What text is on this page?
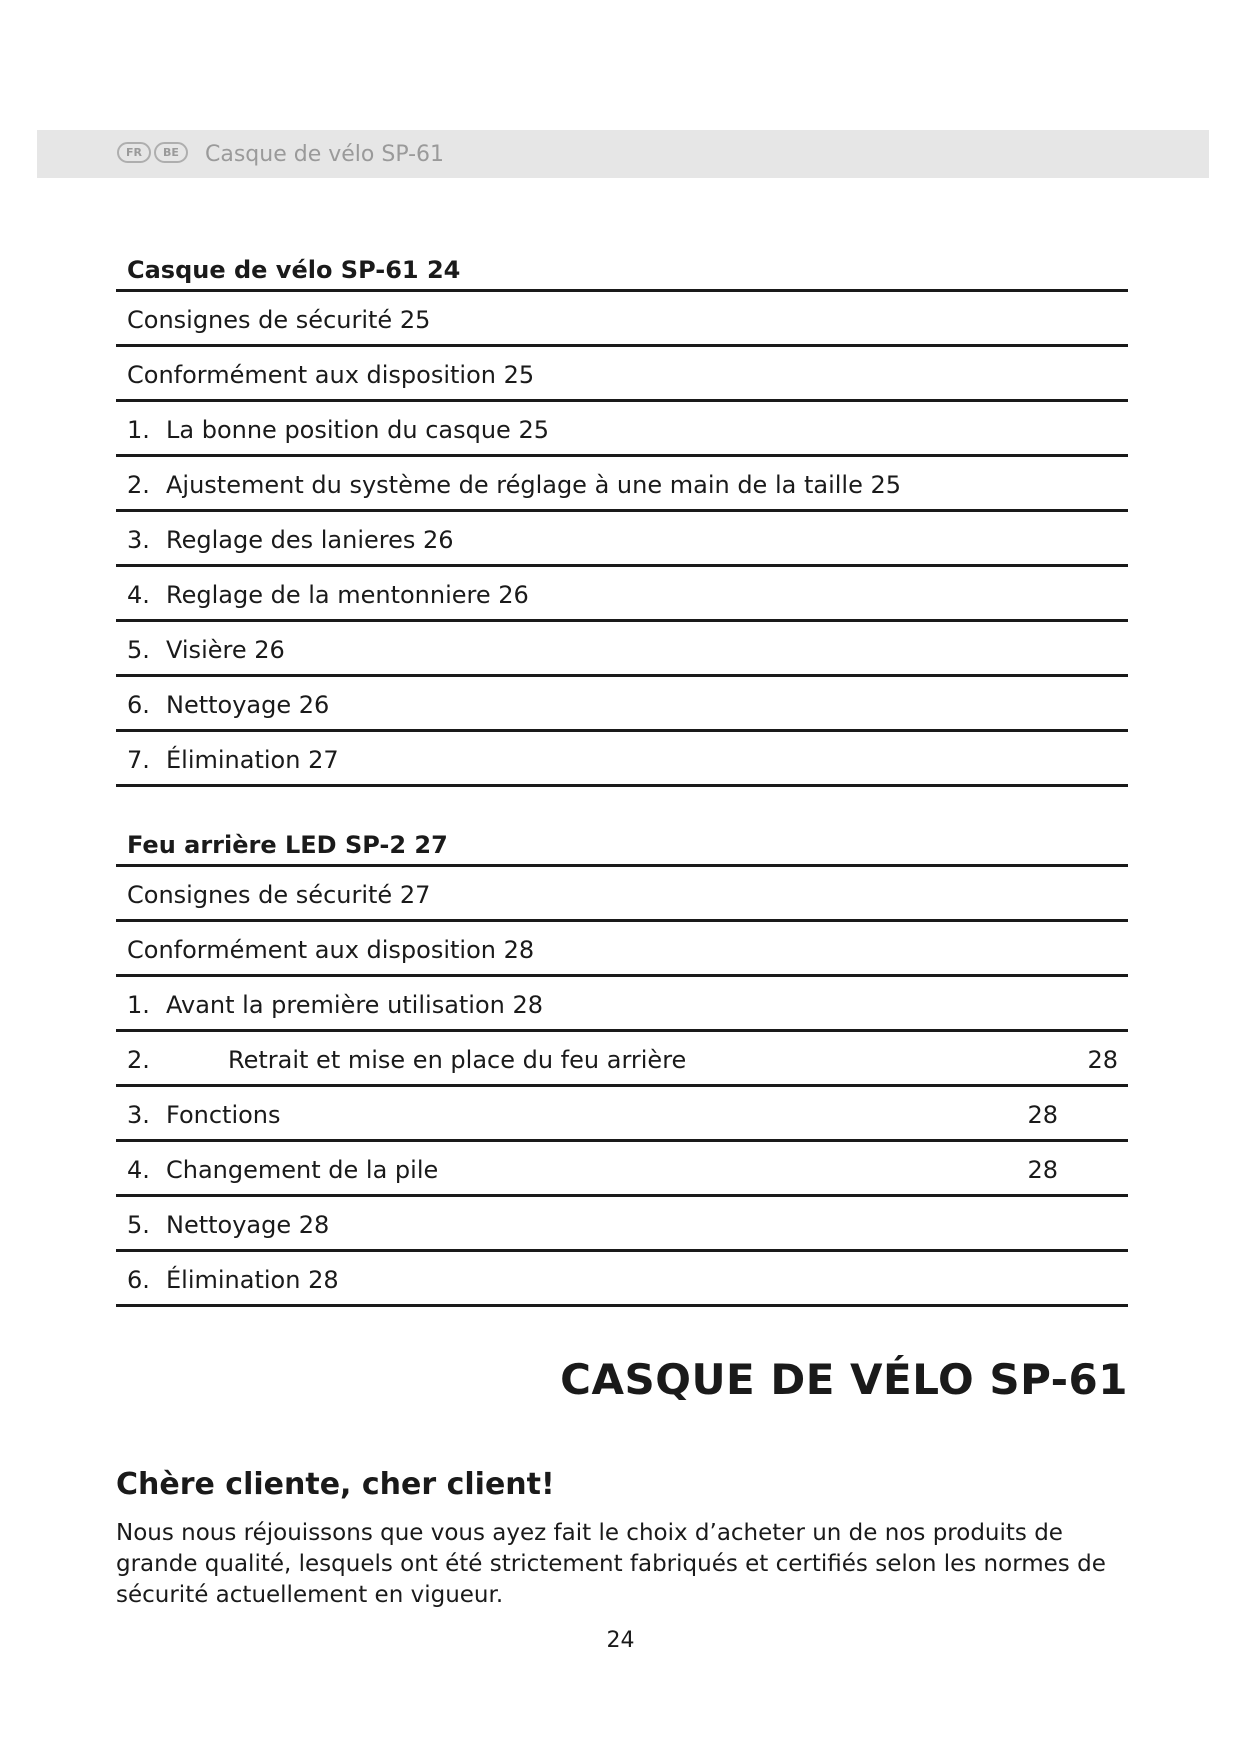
FR	BE	Casque de vélo SP-61
Casque de vélo SP-61 24
Consignes de sécurité 25
Conformément aux disposition 25
1. La bonne position du casque 25
2. Ajustement du système de réglage à une main de la taille 25
3. Reglage des lanieres 26
4. Reglage de la mentonniere 26
5. Visière 26
6. Nettoyage 26
7. Élimination 27
Feu arrière LED SP-2 27
Consignes de sécurité 27
Conformément aux disposition 28
1. Avant la première utilisation 28
2.	Retrait et mise en place du feu arrière	28
3. Fonctions	28
4. Changement de la pile	28
5. Nettoyage 28
6. Élimination 28
CASQUE DE VÉLO SP-61
Chère cliente, cher client!
Nous nous réjouissons que vous ayez fait le choix d’acheter un de nos produits de grande qualité, lesquels ont été strictement fabriqués et certifiés selon les normes de sécurité actuellement en vigueur.
24
